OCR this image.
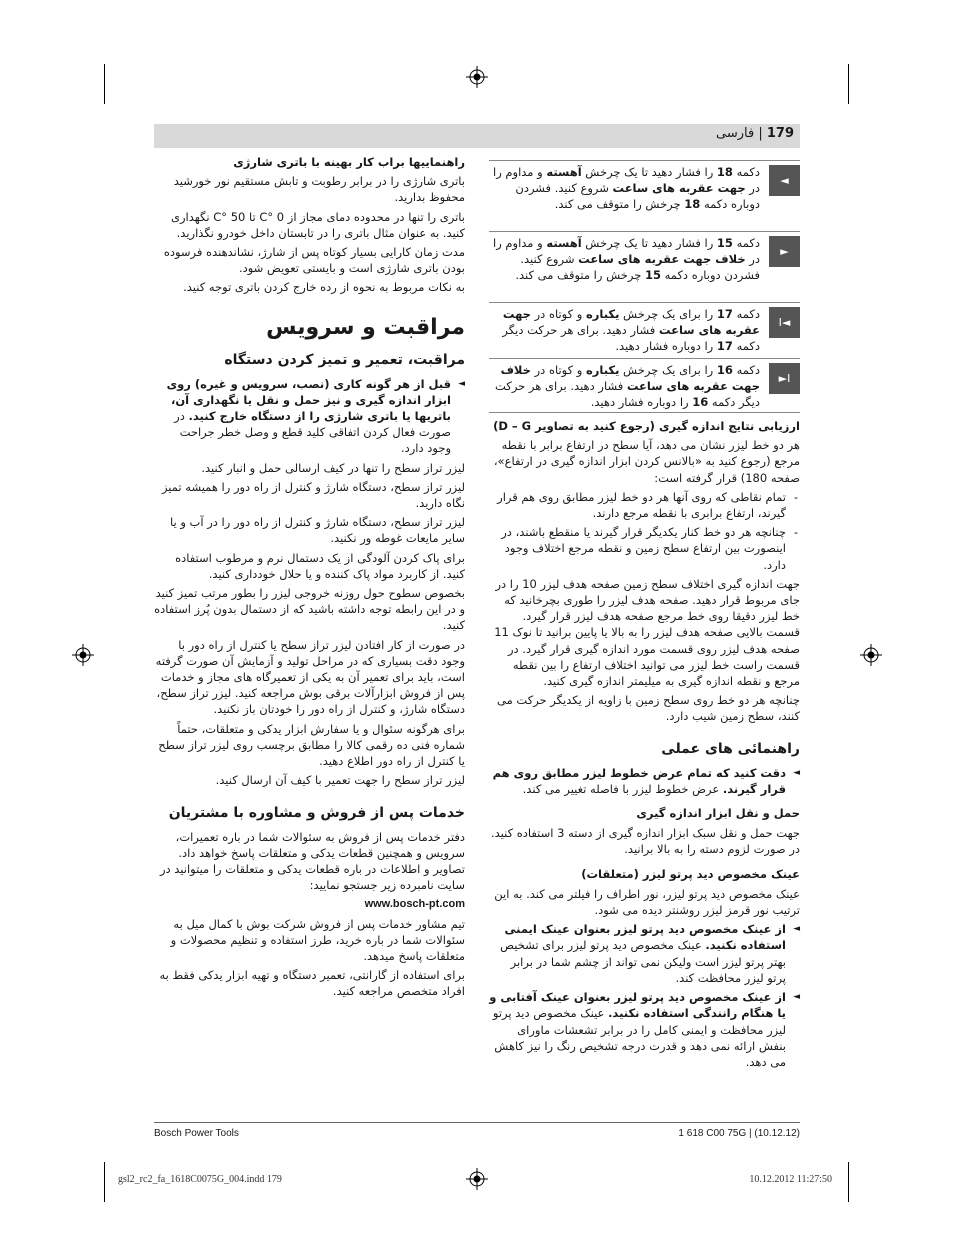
179 | فارسی

راهنماییها براب کار بهینه با باتری شارژی

باتری شارژی را در برابر رطوبت و تابش مستقیم نور خورشید محفوظ بدارید.

باتری را تنها در محدوده دمای مجاز از 0 °C تا 50 °C نگهداری کنید. به عنوان مثال باتری را در تابستان داخل خودرو نگذارید.

مدت زمان کارایی بسیار کوتاه پس از شارژ، نشاندهنده فرسوده بودن باتری شارژی است و بایستی تعویض شود.

به نکات مربوط به نحوه از رده خارج کردن باتری توجه کنید.

مراقبت و سرویس
مراقبت، تعمیر و تمیز کردن دستگاه

◄ قبل از هر گونه کاری (نصب، سرویس و غیره) روی ابزار اندازه گیری و نیز حمل و نقل یا نگهداری آن، باتریها یا باتری شارژی را از دستگاه خارج کنید. در صورت فعال کردن اتفاقی کلید قطع و وصل خطر جراحت وجود دارد.

لیزر تراز سطح را تنها در کیف ارسالی حمل و انبار کنید.

لیزر تراز سطح، دستگاه شارژ و کنترل از راه دور را همیشه تمیز نگاه دارید.

لیزر تراز سطح، دستگاه شارژ و کنترل از راه دور را در آب و یا سایر مایعات غوطه ور نکنید.

برای پاک کردن آلودگی از یک دستمال نرم و مرطوب استفاده کنید. از کاربرد مواد پاک کننده و یا حلال خودداری کنید.

بخصوص سطوح حول روزنه خروجی لیزر را بطور مرتب تمیز کنید و در این رابطه توجه داشته باشید که از دستمال بدون پُرز استفاده کنید.

در صورت از کار افتادن لیزر تراز سطح یا کنترل از راه دور با وجود دقت بسیاری که در مراحل تولید و آزمایش آن صورت گرفته است، باید برای تعمیر آن به یکی از تعمیرگاه های مجاز و خدمات پس از فروش ابزارآلات برقی بوش مراجعه کنید. لیزر تراز سطح، دستگاه شارژ، و کنترل از راه دور را خودتان باز نکنید.

برای هرگونه سئوال و یا سفارش ابزار یدکی و متعلقات، حتماً شماره فنی ده رقمی کالا را مطابق برچسب روی لیزر تراز سطح یا کنترل از راه دور اطلاع دهید.

لیزر تراز سطح را جهت تعمیر با کیف آن ارسال کنید.

خدمات پس از فروش و مشاوره با مشتریان

دفتر خدمات پس از فروش به سئوالات شما در باره تعمیرات، سرویس و همچنین قطعات یدکی و متعلقات پاسخ خواهد داد. تصاویر و اطلاعات در باره قطعات یدکی و متعلقات را میتوانید در سایت نامبرده زیر جستجو نمایید:

www.bosch-pt.com

تیم مشاور خدمات پس از فروش شرکت بوش با کمال میل به سئوالات شما در باره خرید، طرز استفاده و تنظیم محصولات و متعلقات پاسخ میدهد.

برای استفاده از گارانتی، تعمیر دستگاه و تهیه ابزار یدکی فقط به افراد متخصص مراجعه کنید.

◄
دکمه 18 را فشار دهید تا یک چرخش آهسته و مداوم را در جهت عقربه های ساعت شروع کنید. فشردن دوباره دکمه 18 چرخش را متوقف می کند.
►
دکمه 15 را فشار دهید تا یک چرخش آهسته و مداوم را در خلاف جهت عقربه های ساعت شروع کنید. فشردن دوباره دکمه 15 چرخش را متوقف می کند.
I◄
دکمه 17 را برای یک چرخش یکباره و کوتاه در جهت عقربه های ساعت فشار دهید. برای هر حرکت دیگر دکمه 17 را دوباره فشار دهید.
►I
دکمه 16 را برای یک چرخش یکباره و کوتاه در خلاف جهت عقربه های ساعت فشار دهید. برای هر حرکت دیگر دکمه 16 را دوباره فشار دهید.

ارزیابی نتایج اندازه گیری (رجوع کنید به تصاویر D – G)

هر دو خط لیزر نشان می دهد، آیا سطح در ارتفاع برابر با نقطه مرجع (رجوع کنید به «بالانس کردن ابزار اندازه گیری در ارتفاع»، صفحه 180) قرار گرفته است:

- تمام نقاطی که روی آنها هر دو خط لیزر مطابق روی هم قرار گیرند، ارتفاع برابری با نقطه مرجع دارند.

- چنانچه هر دو خط کنار یکدیگر قرار گیرند یا منقطع باشند، در اینصورت بین ارتفاع سطح زمین و نقطه مرجع اختلاف وجود دارد.

جهت اندازه گیری اختلاف سطح زمین صفحه هدف لیزر 10 را در جای مربوط قرار دهید. صفحه هدف لیزر را طوری بچرخانید که خط لیزر دقیقا روی خط مرجع صفحه هدف لیزر قرار گیرد. قسمت بالایی صفحه هدف لیزر را به بالا یا پایین برانید تا نوک 11 صفحه هدف لیزر روی قسمت مورد اندازه گیری قرار گیرد. در قسمت راست خط لیزر می توانید اختلاف ارتفاع را بین نقطه مرجع و نقطه اندازه گیری به میلیمتر اندازه گیری کنید.

چنانچه هر دو خط روی سطح زمین با زاویه از یکدیگر حرکت می کنند، سطح زمین شیب دارد.

راهنمائی های عملی

◄ دقت کنید که تمام عرض خطوط لیزر مطابق روی هم قرار گیرند. عرض خطوط لیزر با فاصله تغییر می کند.

حمل و نقل ابزار اندازه گیری

جهت حمل و نقل سبک ابزار اندازه گیری از دسته 3 استفاده کنید. در صورت لزوم دسته را به بالا برانید.

عینک مخصوص دید پرتو لیزر (متعلقات)

عینک مخصوص دید پرتو لیزر، نور اطراف را فیلتر می کند. به این ترتیب نور قرمز لیزر روشنتر دیده می شود.

◄ از عینک مخصوص دید پرتو لیزر بعنوان عینک ایمنی استفاده نکنید. عینک مخصوص دید پرتو لیزر برای تشخیص بهتر پرتو لیزر است ولیکن نمی تواند از چشم شما در برابر پرتو لیزر محافظت کند.

◄ از عینک مخصوص دید پرتو لیزر بعنوان عینک آفتابی و یا هنگام رانندگی استفاده نکنید. عینک مخصوص دید پرتو لیزر محافظت و ایمنی کامل را در برابر تشعشات ماورای بنفش ارائه نمی دهد و قدرت درجه تشخیص رنگ را نیز کاهش می دهد.

Bosch Power Tools	1 618 C00 75G | (10.12.12)
gsl2_rc2_fa_1618C0075G_004.indd 179	10.12.2012 11:27:50
